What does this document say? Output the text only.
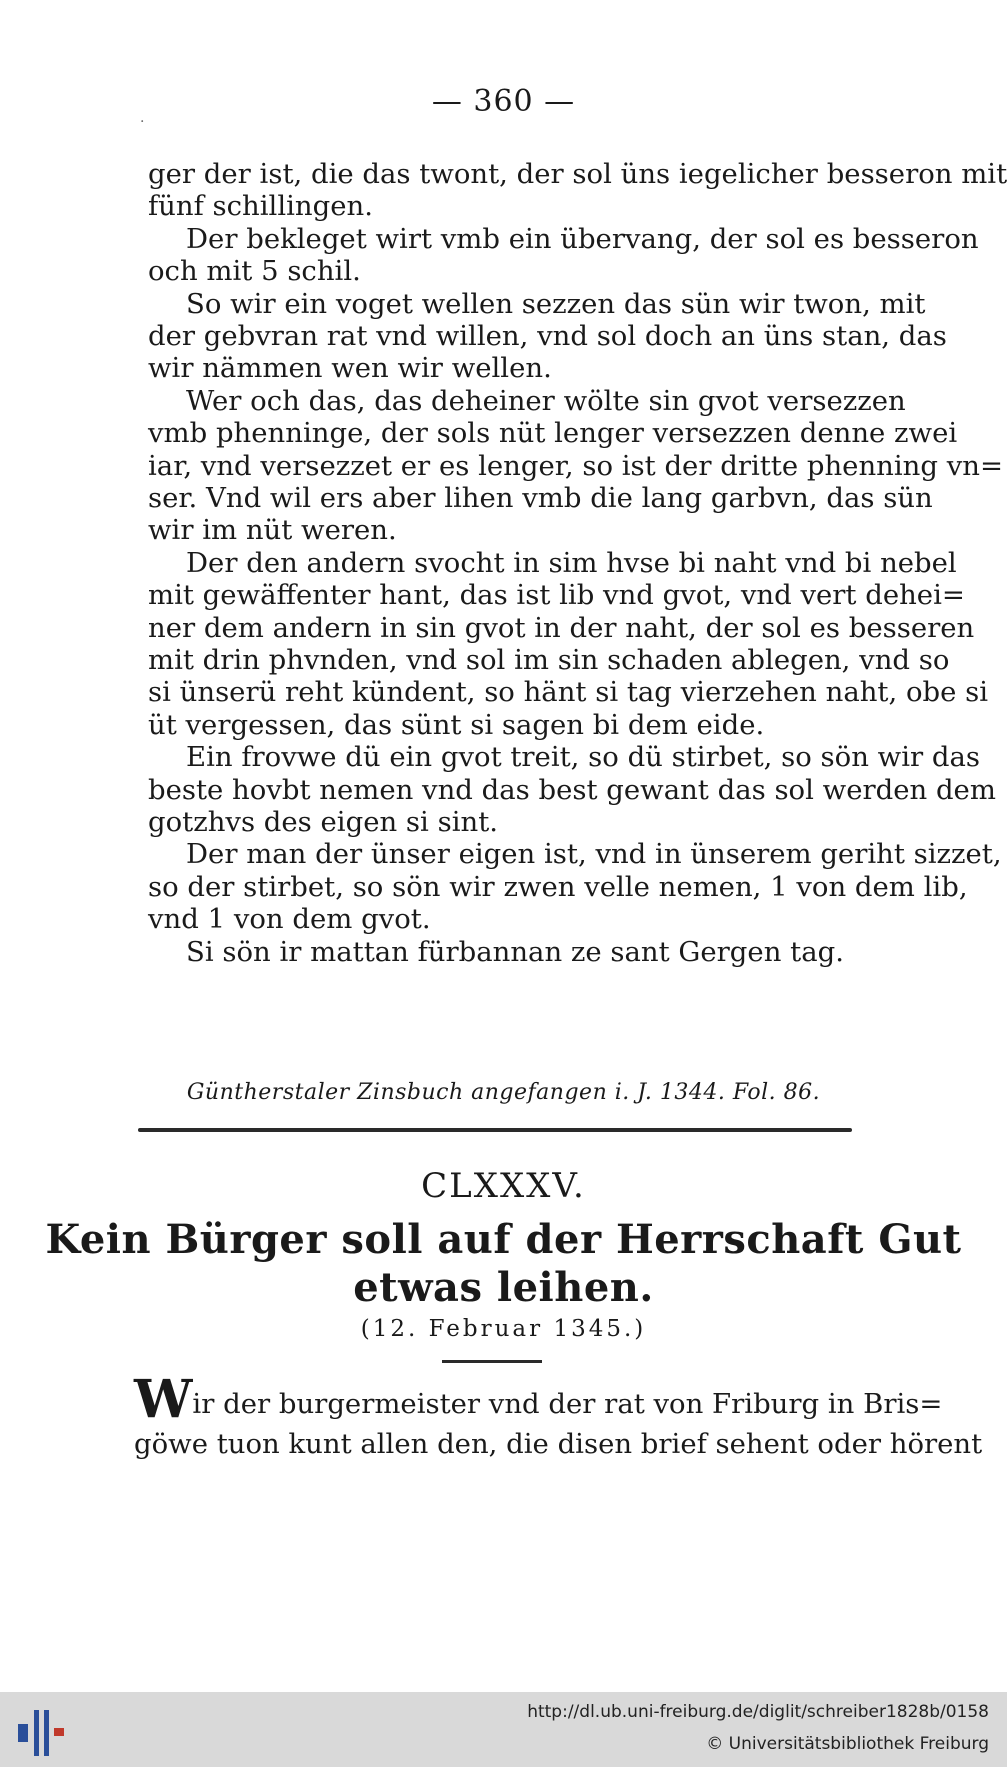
— 360 —
·
ger der ist, die das twont, der sol üns iegelicher besseron mit
fünf schillingen.
Der bekleget wirt vmb ein übervang, der sol es besseron
och mit 5 schil.
So wir ein voget wellen sezzen das sün wir twon, mit
der gebvran rat vnd willen, vnd sol doch an üns stan, das
wir nämmen wen wir wellen.
Wer och das, das deheiner wölte sin gvot versezzen
vmb phenninge, der sols nüt lenger versezzen denne zwei
iar, vnd versezzet er es lenger, so ist der dritte phenning vn=
ser. Vnd wil ers aber lihen vmb die lang garbvn, das sün
wir im nüt weren.
Der den andern svocht in sim hvse bi naht vnd bi nebel
mit gewäffenter hant, das ist lib vnd gvot, vnd vert dehei=
ner dem andern in sin gvot in der naht, der sol es besseren
mit drin phvnden, vnd sol im sin schaden ablegen, vnd so
si ünserü reht kündent, so hänt si tag vierzehen naht, obe si
üt vergessen, das sünt si sagen bi dem eide.
Ein frovwe dü ein gvot treit, so dü stirbet, so sön wir das
beste hovbt nemen vnd das best gewant das sol werden dem
gotzhvs des eigen si sint.
Der man der ünser eigen ist, vnd in ünserem geriht sizzet,
so der stirbet, so sön wir zwen velle nemen, 1 von dem lib,
vnd 1 von dem gvot.
Si sön ir mattan fürbannan ze sant Gergen tag.
Güntherstaler Zinsbuch angefangen i. J. 1344. Fol. 86.
CLXXXV.
Kein Bürger soll auf der Herrschaft Gut
etwas leihen.
(12. Februar 1345.)
Wir der burgermeister vnd der rat von Friburg in Bris=
göwe tuon kunt allen den, die disen brief sehent oder hörent
http://dl.ub.uni-freiburg.de/diglit/schreiber1828b/0158
© Universitätsbibliothek Freiburg
